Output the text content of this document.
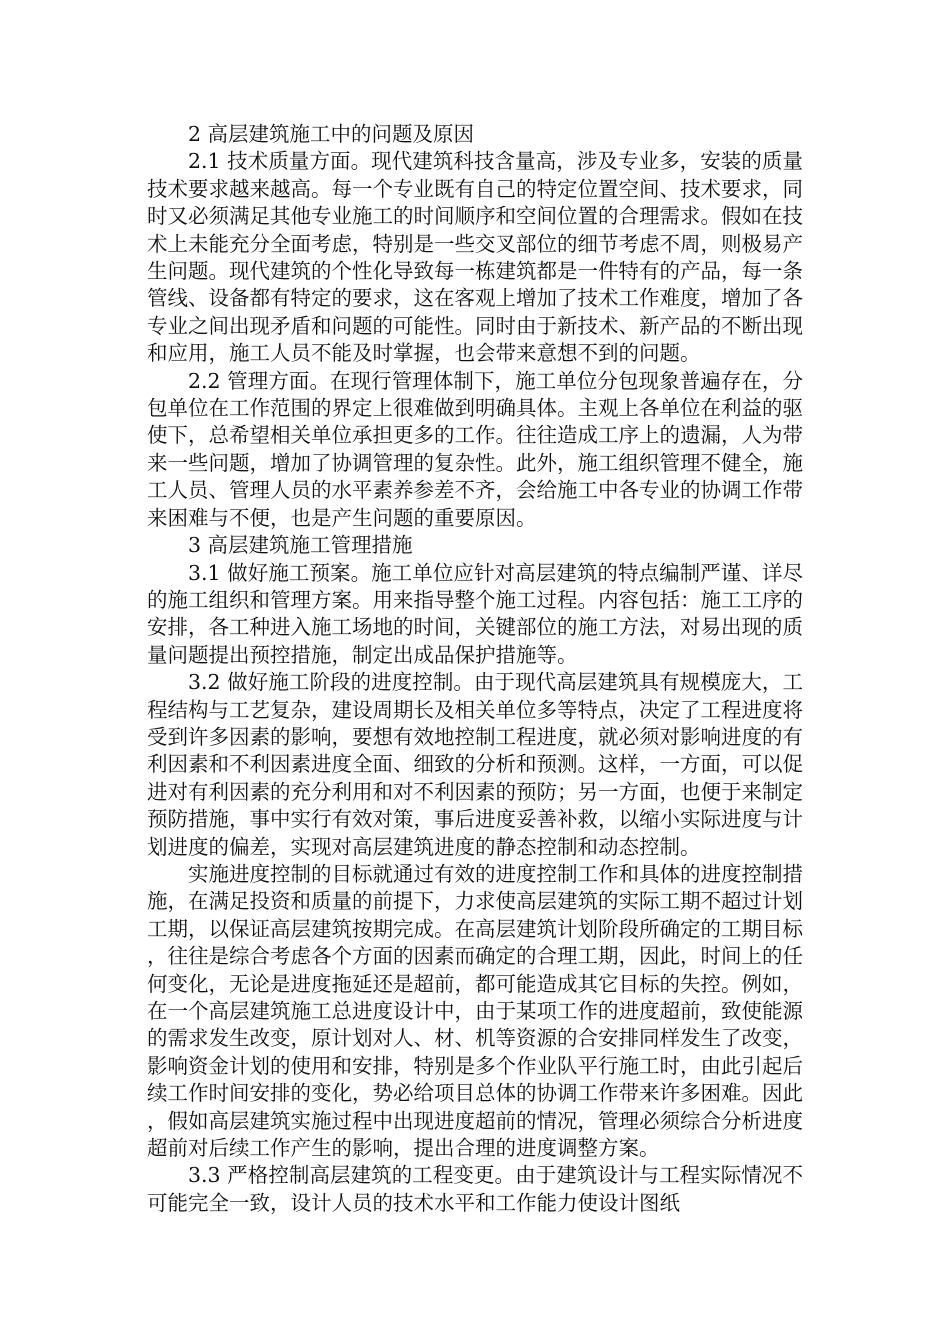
2 高层建筑施工中的问题及原因

2.1 技术质量方面。现代建筑科技含量高，涉及专业多，安装的质量技术要求越来越高。每一个专业既有自己的特定位置空间、技术要求，同时又必须满足其他专业施工的时间顺序和空间位置的合理需求。假如在技术上未能充分全面考虑，特别是一些交叉部位的细节考虑不周，则极易产生问题。现代建筑的个性化导致每一栋建筑都是一件特有的产品，每一条管线、设备都有特定的要求，这在客观上增加了技术工作难度，增加了各专业之间出现矛盾和问题的可能性。同时由于新技术、新产品的不断出现和应用，施工人员不能及时掌握，也会带来意想不到的问题。

2.2 管理方面。在现行管理体制下，施工单位分包现象普遍存在，分包单位在工作范围的界定上很难做到明确具体。主观上各单位在利益的驱使下，总希望相关单位承担更多的工作。往往造成工序上的遗漏，人为带来一些问题，增加了协调管理的复杂性。此外，施工组织管理不健全，施工人员、管理人员的水平素养参差不齐，会给施工中各专业的协调工作带来困难与不便，也是产生问题的重要原因。

3 高层建筑施工管理措施

3.1 做好施工预案。施工单位应针对高层建筑的特点编制严谨、详尽的施工组织和管理方案。用来指导整个施工过程。内容包括：施工工序的安排，各工种进入施工场地的时间，关键部位的施工方法，对易出现的质量问题提出预控措施，制定出成品保护措施等。

3.2 做好施工阶段的进度控制。由于现代高层建筑具有规模庞大，工程结构与工艺复杂，建设周期长及相关单位多等特点，决定了工程进度将受到许多因素的影响，要想有效地控制工程进度，就必须对影响进度的有利因素和不利因素进度全面、细致的分析和预测。这样，一方面，可以促进对有利因素的充分利用和对不利因素的预防；另一方面，也便于来制定预防措施，事中实行有效对策，事后进度妥善补救，以缩小实际进度与计划进度的偏差，实现对高层建筑进度的静态控制和动态控制。

实施进度控制的目标就通过有效的进度控制工作和具体的进度控制措施，在满足投资和质量的前提下，力求使高层建筑的实际工期不超过计划工期，以保证高层建筑按期完成。在高层建筑计划阶段所确定的工期目标，往往是综合考虑各个方面的因素而确定的合理工期，因此，时间上的任何变化，无论是进度拖延还是超前，都可能造成其它目标的失控。例如，在一个高层建筑施工总进度设计中，由于某项工作的进度超前，致使能源的需求发生改变，原计划对人、材、机等资源的合安排同样发生了改变，影响资金计划的使用和安排，特别是多个作业队平行施工时，由此引起后续工作时间安排的变化，势必给项目总体的协调工作带来许多困难。因此，假如高层建筑实施过程中出现进度超前的情况，管理必须综合分析进度超前对后续工作产生的影响，提出合理的进度调整方案。

3.3 严格控制高层建筑的工程变更。由于建筑设计与工程实际情况不可能完全一致，设计人员的技术水平和工作能力使设计图纸
